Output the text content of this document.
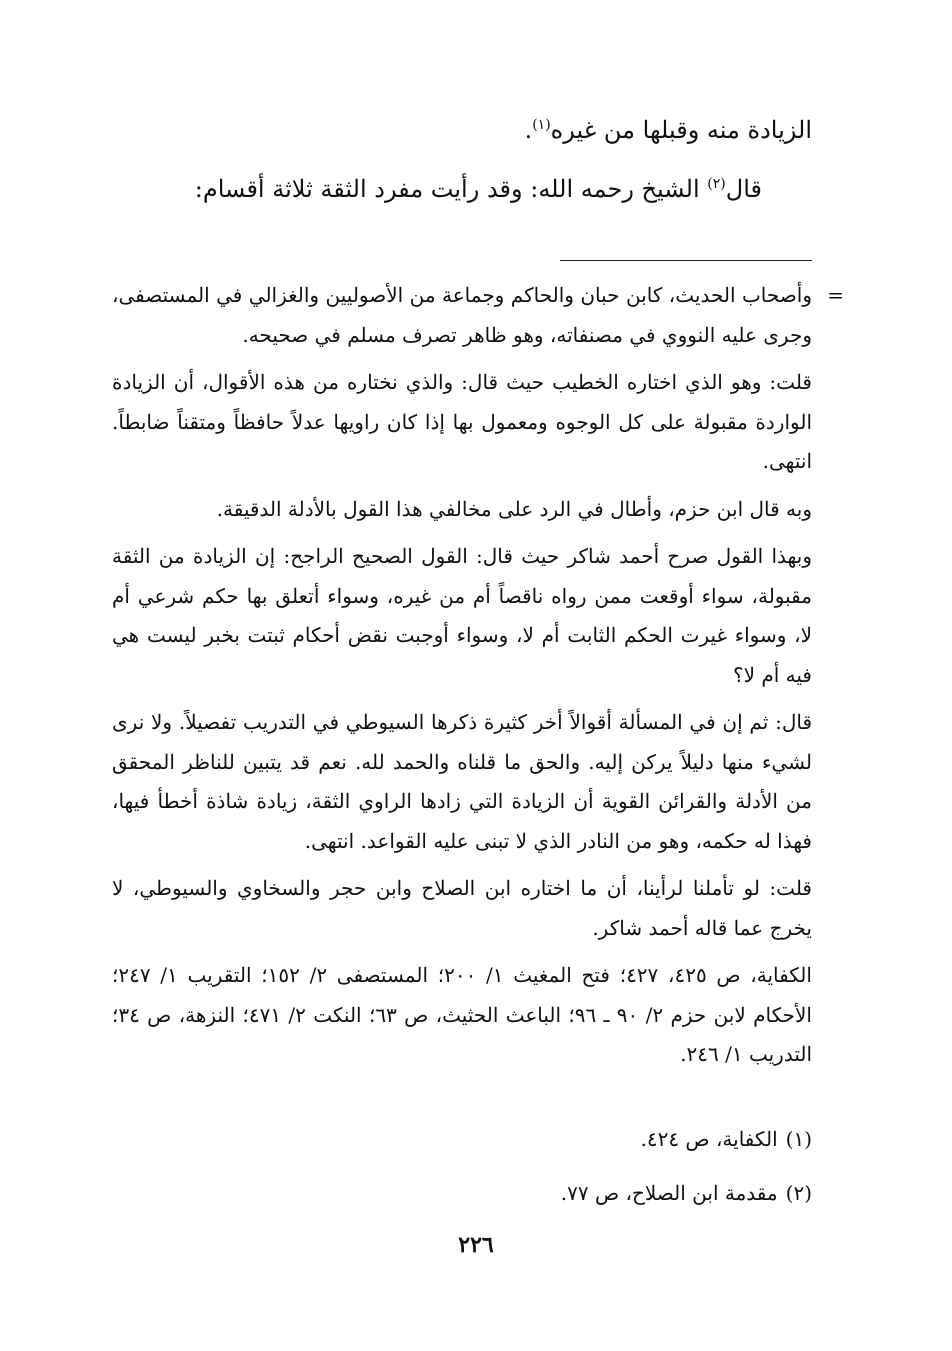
الزيادة منه وقبلها من غيره$^{(١)}$.

قال$^{(٢)}$ الشيخ رحمه الله: وقد رأيت مفرد الثقة ثلاثة أقسام:

=
وأصحاب الحديث، كابن حبان والحاكم وجماعة من الأصوليين والغزالي في المستصفى، وجرى عليه النووي في مصنفاته، وهو ظاهر تصرف مسلم في صحيحه.

قلت: وهو الذي اختاره الخطيب حيث قال: والذي نختاره من هذه الأقوال، أن الزيادة الواردة مقبولة على كل الوجوه ومعمول بها إذا كان راويها عدلاً حافظاً ومتقناً ضابطاً. انتهى.

وبه قال ابن حزم، وأطال في الرد على مخالفي هذا القول بالأدلة الدقيقة.

وبهذا القول صرح أحمد شاكر حيث قال: القول الصحيح الراجح: إن الزيادة من الثقة مقبولة، سواء أوقعت ممن رواه ناقصاً أم من غيره، وسواء أتعلق بها حكم شرعي أم لا، وسواء غيرت الحكم الثابت أم لا، وسواء أوجبت نقض أحكام ثبتت بخبر ليست هي فيه أم لا؟

قال: ثم إن في المسألة أقوالاً أخر كثيرة ذكرها السيوطي في التدريب تفصيلاً. ولا نرى لشيء منها دليلاً يركن إليه. والحق ما قلناه والحمد لله. نعم قد يتبين للناظر المحقق من الأدلة والقرائن القوية أن الزيادة التي زادها الراوي الثقة، زيادة شاذة أخطأ فيها، فهذا له حكمه، وهو من النادر الذي لا تبنى عليه القواعد. انتهى.

قلت: لو تأملنا لرأينا، أن ما اختاره ابن الصلاح وابن حجر والسخاوي والسيوطي، لا يخرج عما قاله أحمد شاكر.

الكفاية، ص ٤٢٥، ٤٢٧؛ فتح المغيث ١/ ٢٠٠؛ المستصفى ٢/ ١٥٢؛ التقريب ١/ ٢٤٧؛ الأحكام لابن حزم ٢/ ٩٠ ـ ٩٦؛ الباعث الحثيث، ص ٦٣؛ النكت ٢/ ٤٧١؛ النزهة، ص ٣٤؛ التدريب ١/ ٢٤٦.

(١)الكفاية، ص ٤٢٤.
(٢)مقدمة ابن الصلاح، ص ٧٧.
٢٢٦
